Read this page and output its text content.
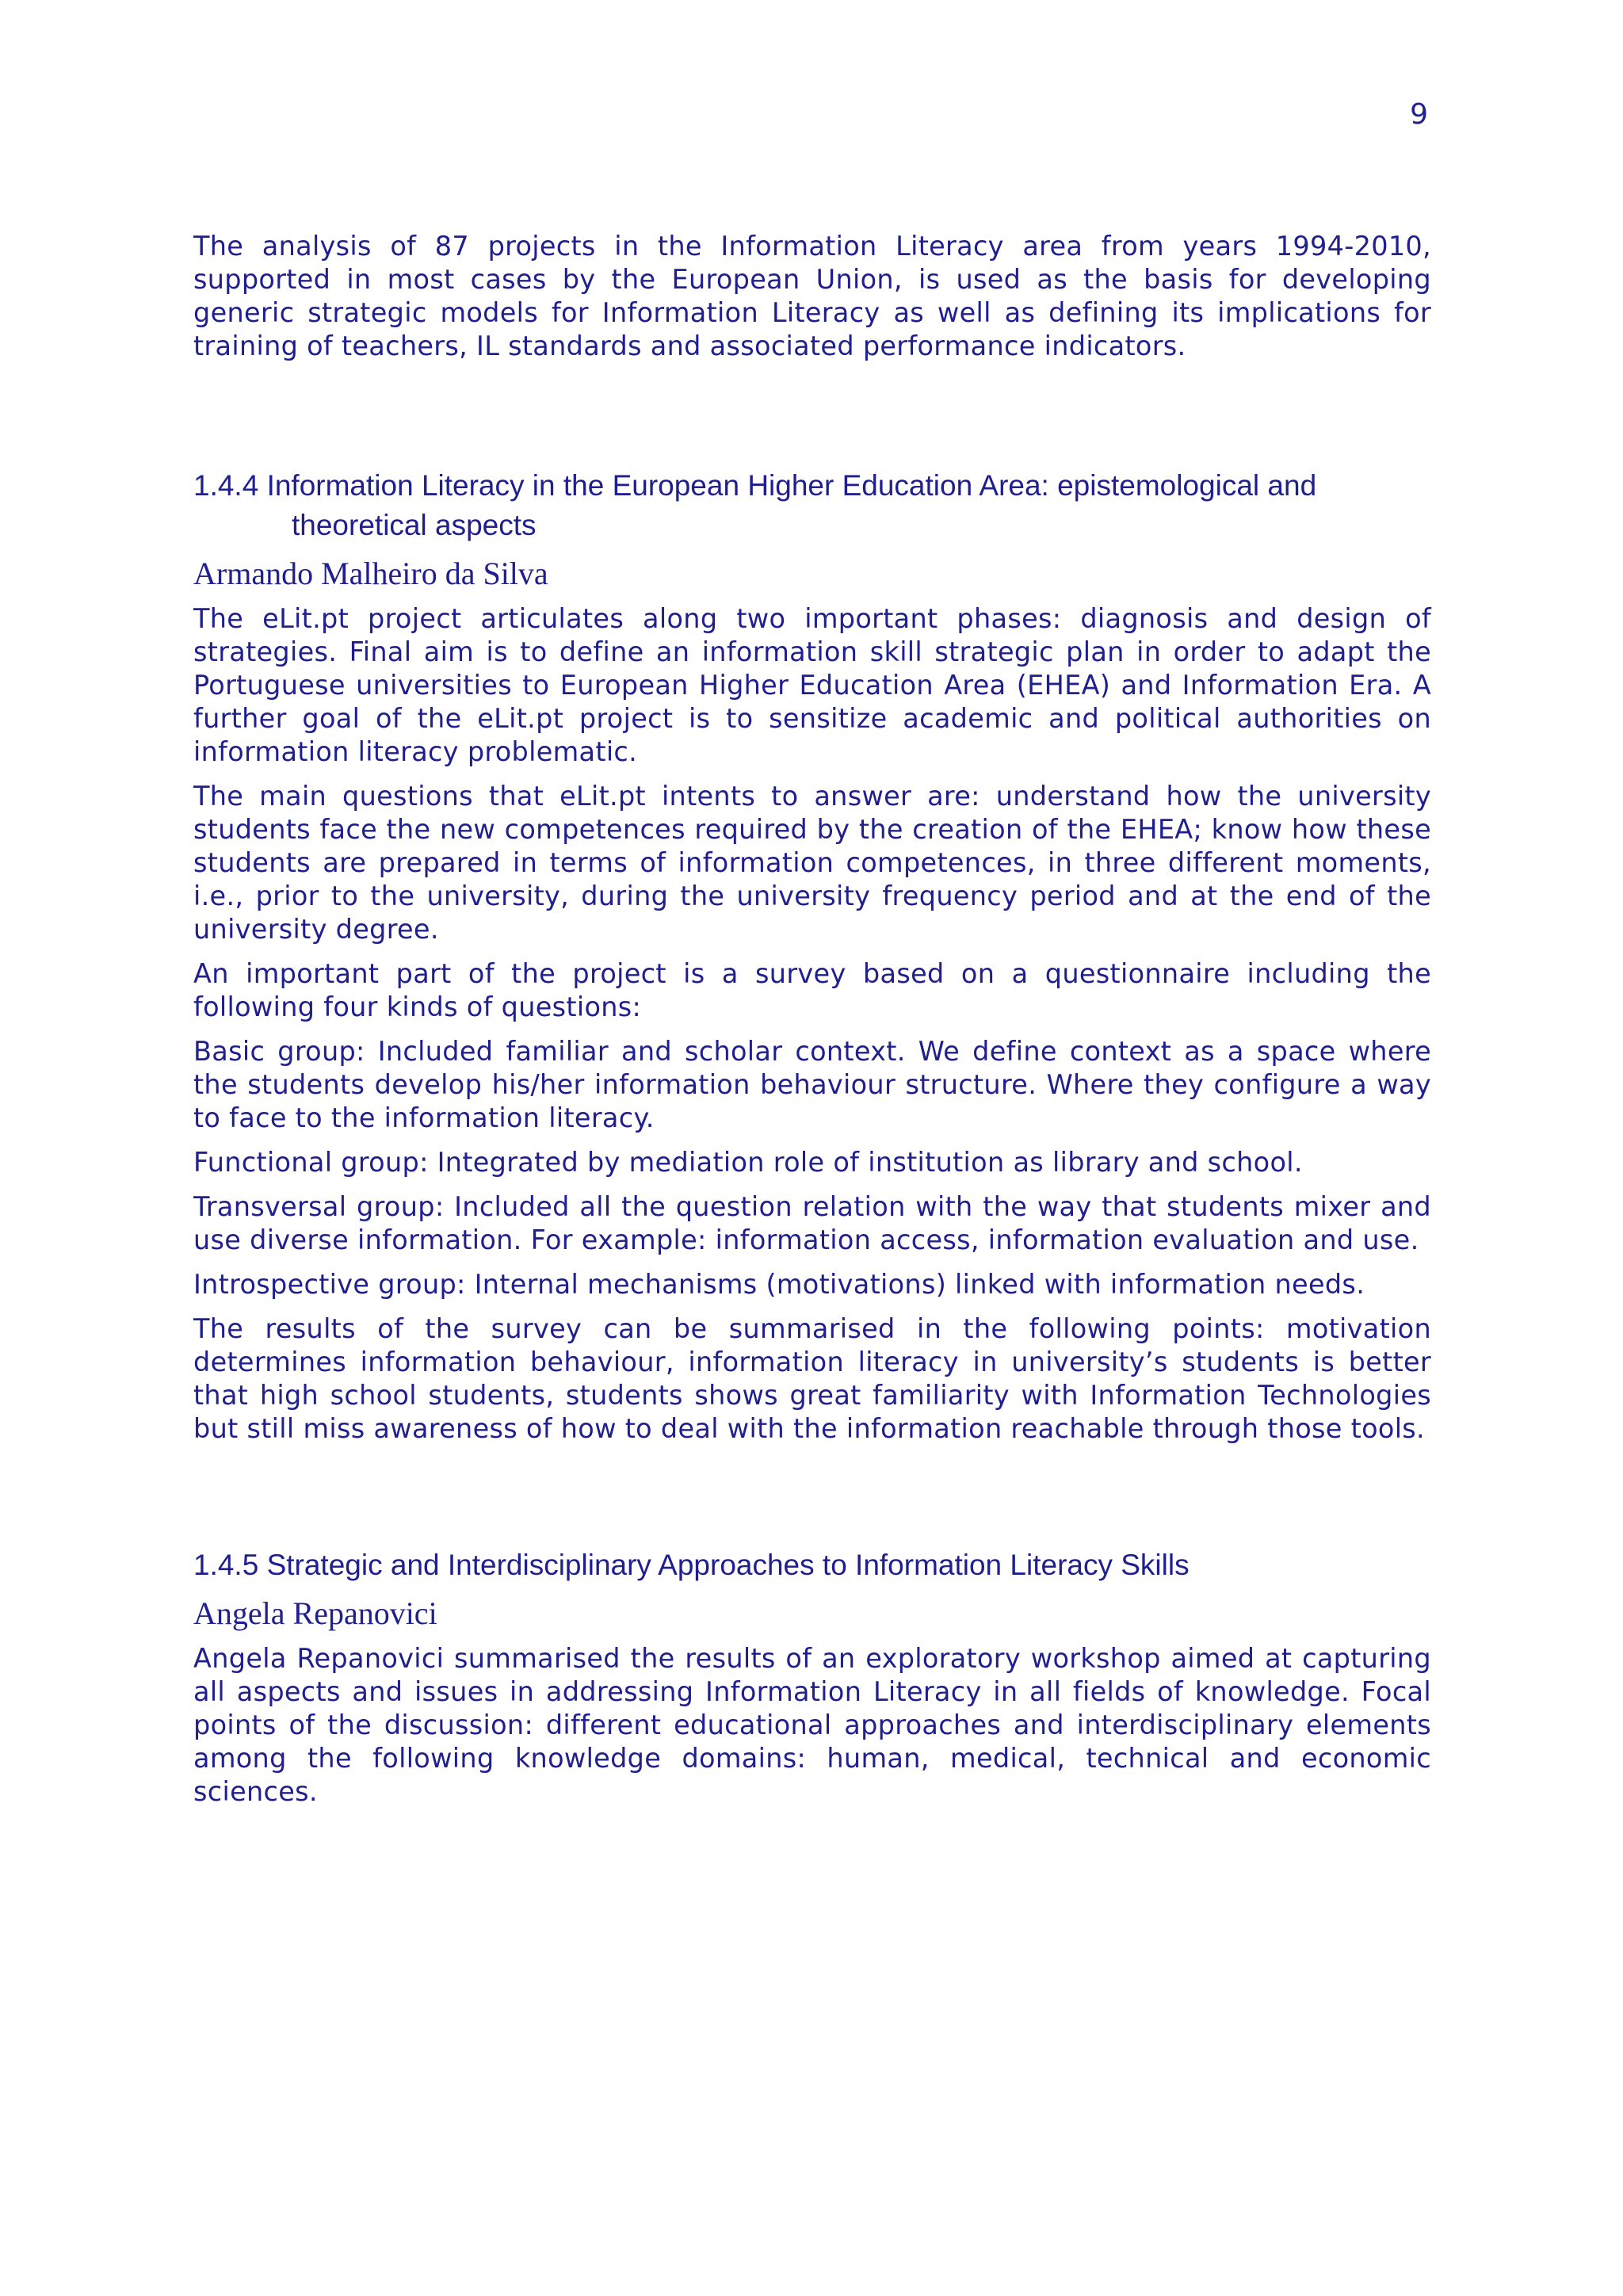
9

The analysis of 87 projects in the Information Literacy area from years 1994-2010, supported in most cases by the European Union, is used as the basis for developing generic strategic models for Information Literacy as well as defining its implications for training of teachers, IL standards and associated performance indicators.

1.4.4 Information Literacy in the European Higher Education Area: epistemological and
theoretical aspects
Armando Malheiro da Silva

The eLit.pt project articulates along two important phases: diagnosis and design of strategies. Final aim is to define an information skill strategic plan in order to adapt the Portuguese universities to European Higher Education Area (EHEA) and Information Era. A further goal of the eLit.pt project is to sensitize academic and political authorities on information literacy problematic.

The main questions that eLit.pt intents to answer are: understand how the university students face the new competences required by the creation of the EHEA; know how these students are prepared in terms of information competences, in three different moments, i.e., prior to the university, during the university frequency period and at the end of the university degree.

An important part of the project is a survey based on a questionnaire including the following four kinds of questions:

Basic group: Included familiar and scholar context. We define context as a space where the students develop his/her information behaviour structure. Where they configure a way to face to the information literacy.

Functional group: Integrated by mediation role of institution as library and school.

Transversal group: Included all the question relation with the way that students mixer and use diverse information. For example: information access, information evaluation and use.

Introspective group: Internal mechanisms (motivations) linked with information needs.

The results of the survey can be summarised in the following points: motivation determines information behaviour, information literacy in university’s students is better that high school students, students shows great familiarity with Information Technologies but still miss awareness of how to deal with the information reachable through those tools.

1.4.5 Strategic and Interdisciplinary Approaches to Information Literacy Skills
Angela Repanovici

Angela Repanovici summarised the results of an exploratory workshop aimed at capturing all aspects and issues in addressing Information Literacy in all fields of knowledge. Focal points of the discussion: different educational approaches and interdisciplinary elements among the following knowledge domains: human, medical, technical and economic sciences.
